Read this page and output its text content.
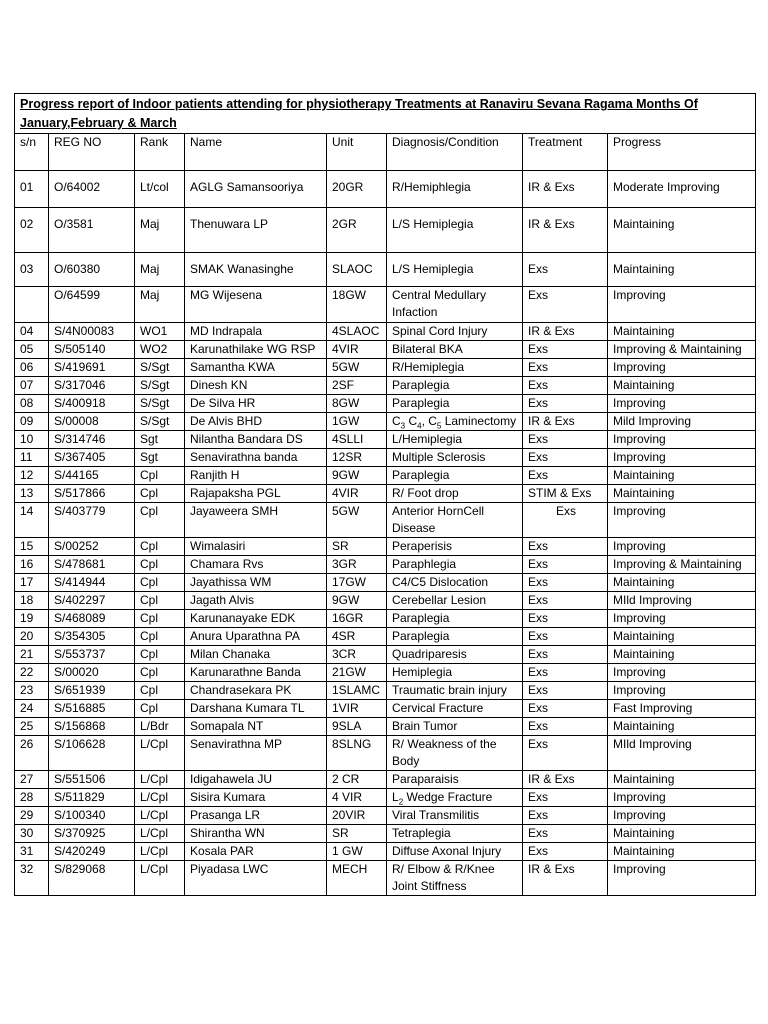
Progress report of Indoor patients attending for physiotherapy Treatments at Ranaviru Sevana Ragama Months Of January,February & March							
s/n	REG NO	Rank	Name	Unit	Diagnosis/Condition	Treatment	Progress
01	O/64002	Lt/col	AGLG Samansooriya	20GR	R/Hemiphlegia	IR & Exs	Moderate Improving
02	O/3581	Maj	Thenuwara LP	2GR	L/S Hemiplegia	IR & Exs	Maintaining
03	O/60380	Maj	SMAK Wanasinghe	SLAOC	L/S Hemiplegia	Exs	Maintaining
	O/64599	Maj	MG Wijesena	18GW	Central Medullary Infaction	Exs	Improving
04	S/4N00083	WO1	MD Indrapala	4SLAOC	Spinal Cord Injury	IR & Exs	Maintaining
05	S/505140	WO2	Karunathilake WG RSP	4VIR	Bilateral BKA	Exs	Improving & Maintaining
06	S/419691	S/Sgt	Samantha KWA	5GW	R/Hemiplegia	Exs	Improving
07	S/317046	S/Sgt	Dinesh KN	2SF	Paraplegia	Exs	Maintaining
08	S/400918	S/Sgt	De Silva HR	8GW	Paraplegia	Exs	Improving
09	S/00008	S/Sgt	De Alvis BHD	1GW	$C_3$ $C_4$, $C_5$ Laminectomy	IR & Exs	Mild Improving
10	S/314746	Sgt	Nilantha Bandara DS	4SLLI	L/Hemiplegia	Exs	Improving
11	S/367405	Sgt	Senavirathna banda	12SR	Multiple Sclerosis	Exs	Improving
12	S/44165	Cpl	Ranjith H	9GW	Paraplegia	Exs	Maintaining
13	S/517866	Cpl	Rajapaksha PGL	4VIR	R/ Foot drop	STIM & Exs	Maintaining
14	S/403779	Cpl	Jayaweera SMH	5GW	Anterior HornCell Disease	Exs	Improving
15	S/00252	Cpl	Wimalasiri	SR	Peraperisis	Exs	Improving
16	S/478681	Cpl	Chamara Rvs	3GR	Paraphlegia	Exs	Improving & Maintaining
17	S/414944	Cpl	Jayathissa WM	17GW	C4/C5 Dislocation	Exs	Maintaining
18	S/402297	Cpl	Jagath Alvis	9GW	Cerebellar Lesion	Exs	MIld Improving
19	S/468089	Cpl	Karunanayake EDK	16GR	Paraplegia	Exs	Improving
20	S/354305	Cpl	Anura Uparathna PA	4SR	Paraplegia	Exs	Maintaining
21	S/553737	Cpl	Milan Chanaka	3CR	Quadriparesis	Exs	Maintaining
22	S/00020	Cpl	Karunarathne Banda	21GW	Hemiplegia	Exs	Improving
23	S/651939	Cpl	Chandrasekara PK	1SLAMC	Traumatic brain injury	Exs	Improving
24	S/516885	Cpl	Darshana Kumara TL	1VIR	Cervical Fracture	Exs	Fast Improving
25	S/156868	L/Bdr	Somapala NT	9SLA	Brain Tumor	Exs	Maintaining
26	S/106628	L/Cpl	Senavirathna MP	8SLNG	R/ Weakness of the Body	Exs	MIld Improving
27	S/551506	L/Cpl	Idigahawela JU	2 CR	Paraparaisis	IR & Exs	Maintaining
28	S/511829	L/Cpl	Sisira Kumara	4 VIR	$L_2$ Wedge Fracture	Exs	Improving
29	S/100340	L/Cpl	Prasanga LR	20VIR	Viral Transmilitis	Exs	Improving
30	S/370925	L/Cpl	Shirantha WN	SR	Tetraplegia	Exs	Maintaining
31	S/420249	L/Cpl	Kosala PAR	1 GW	Diffuse Axonal Injury	Exs	Maintaining
32	S/829068	L/Cpl	Piyadasa LWC	MECH	R/ Elbow & R/Knee Joint Stiffness	IR & Exs	Improving
